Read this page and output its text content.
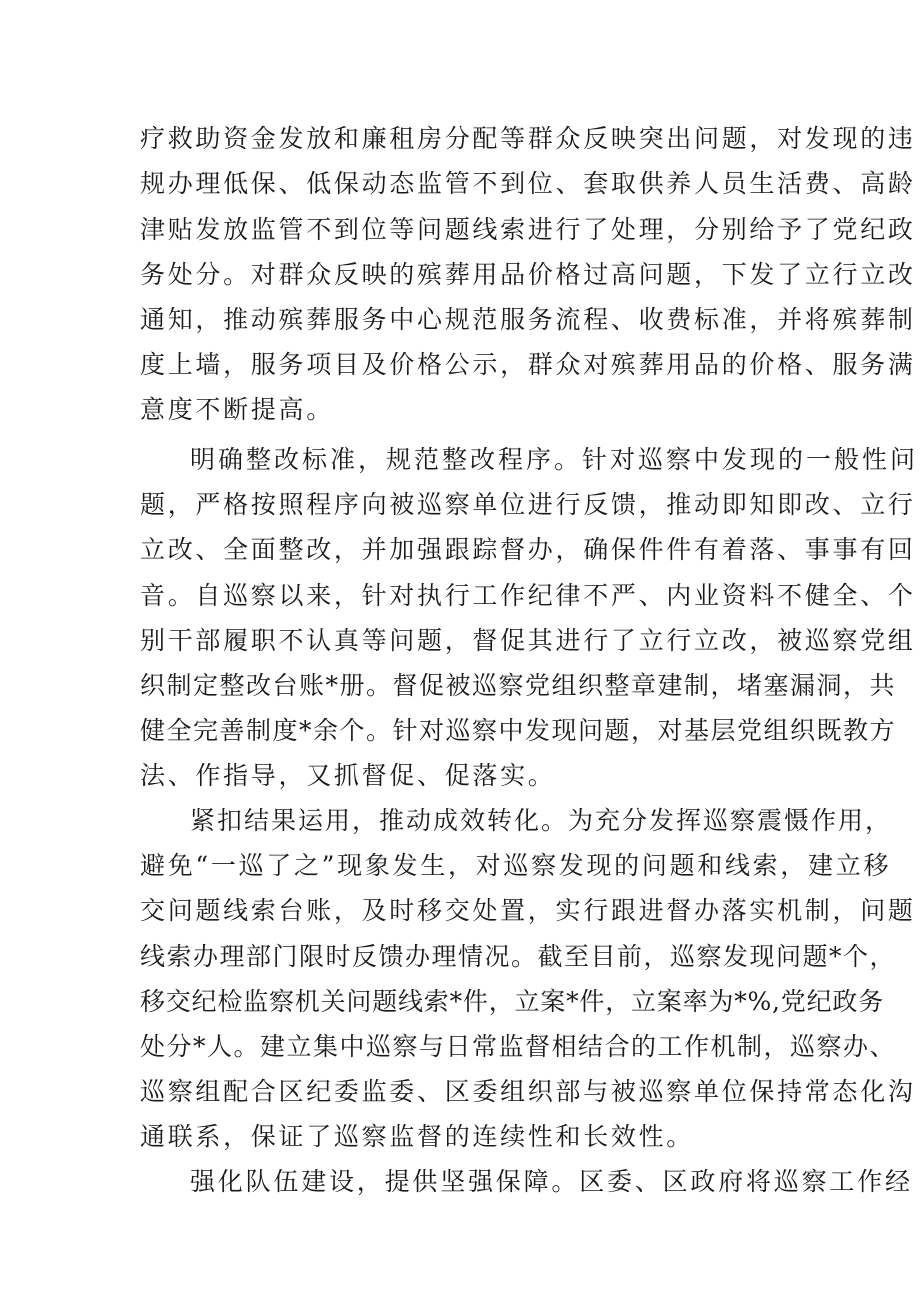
疗救助资金发放和廉租房分配等群众反映突出问题，对发现的违
规办理低保、低保动态监管不到位、套取供养人员生活费、高龄
津贴发放监管不到位等问题线索进行了处理，分别给予了党纪政
务处分。对群众反映的殡葬用品价格过高问题，下发了立行立改
通知，推动殡葬服务中心规范服务流程、收费标准，并将殡葬制
度上墙，服务项目及价格公示，群众对殡葬用品的价格、服务满
意度不断提高。
明确整改标准，规范整改程序。针对巡察中发现的一般性问
题，严格按照程序向被巡察单位进行反馈，推动即知即改、立行
立改、全面整改，并加强跟踪督办，确保件件有着落、事事有回
音。自巡察以来，针对执行工作纪律不严、内业资料不健全、个
别干部履职不认真等问题，督促其进行了立行立改，被巡察党组
织制定整改台账*册。督促被巡察党组织整章建制，堵塞漏洞，共
健全完善制度*余个。针对巡察中发现问题，对基层党组织既教方
法、作指导，又抓督促、促落实。
紧扣结果运用，推动成效转化。为充分发挥巡察震慑作用，
避免“一巡了之”现象发生，对巡察发现的问题和线索，建立移
交问题线索台账，及时移交处置，实行跟进督办落实机制，问题
线索办理部门限时反馈办理情况。截至目前，巡察发现问题*个，
移交纪检监察机关问题线索*件，立案*件，立案率为*%,党纪政务
处分*人。建立集中巡察与日常监督相结合的工作机制，巡察办、
巡察组配合区纪委监委、区委组织部与被巡察单位保持常态化沟
通联系，保证了巡察监督的连续性和长效性。
强化队伍建设，提供坚强保障。区委、区政府将巡察工作经
